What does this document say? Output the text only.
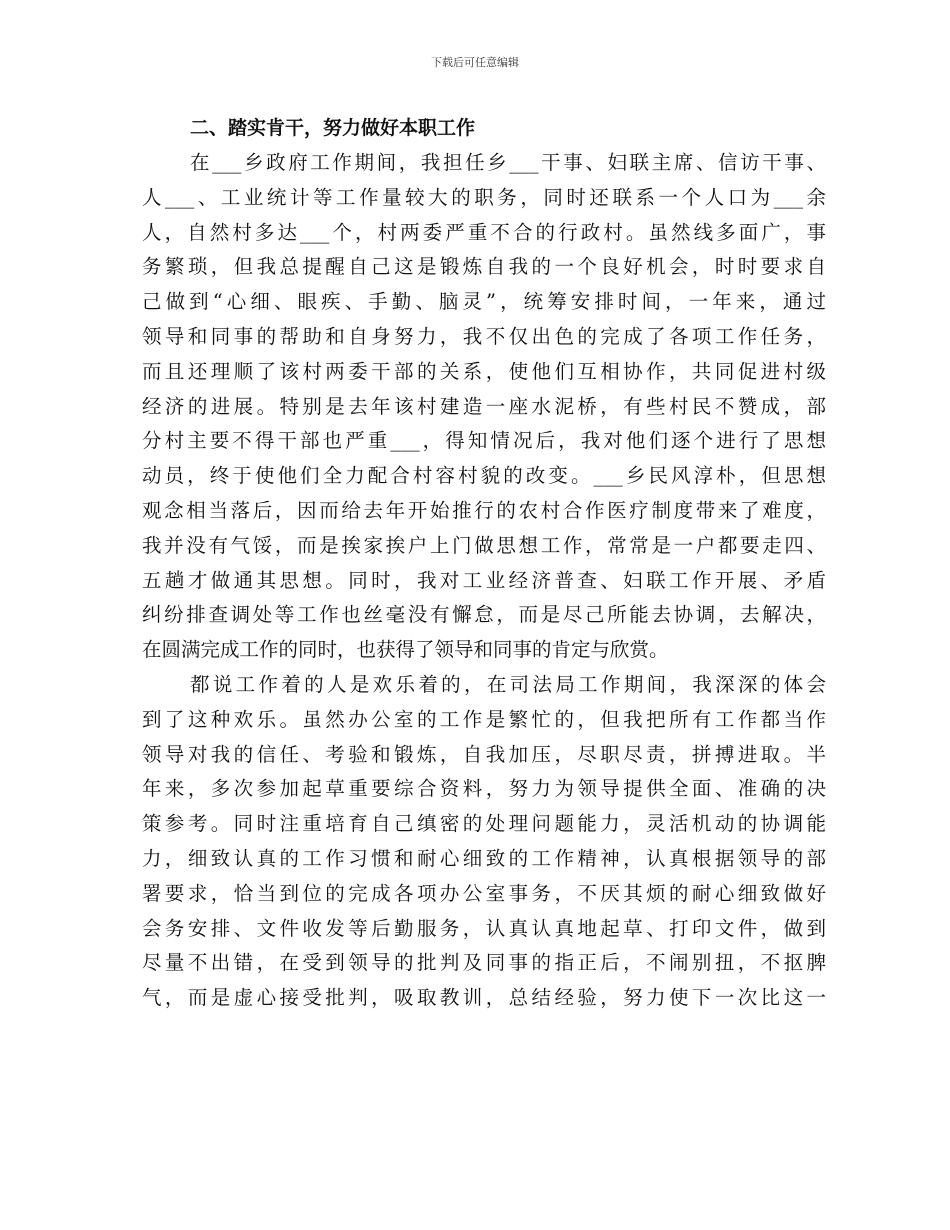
下载后可任意编辑
二、踏实肯干，努力做好本职工作
在___乡政府工作期间，我担任乡___干事、妇联主席、信访干事、
人___、工业统计等工作量较大的职务，同时还联系一个人口为___余
人，自然村多达___个，村两委严重不合的行政村。虽然线多面广，事
务繁琐，但我总提醒自己这是锻炼自我的一个良好机会，时时要求自
己做到“心细、眼疾、手勤、脑灵”，统筹安排时间，一年来，通过
领导和同事的帮助和自身努力，我不仅出色的完成了各项工作任务，
而且还理顺了该村两委干部的关系，使他们互相协作，共同促进村级
经济的进展。特别是去年该村建造一座水泥桥，有些村民不赞成，部
分村主要不得干部也严重___，得知情况后，我对他们逐个进行了思想
动员，终于使他们全力配合村容村貌的改变。___乡民风淳朴，但思想
观念相当落后，因而给去年开始推行的农村合作医疗制度带来了难度，
我并没有气馁，而是挨家挨户上门做思想工作，常常是一户都要走四、
五趟才做通其思想。同时，我对工业经济普查、妇联工作开展、矛盾
纠纷排查调处等工作也丝毫没有懈怠，而是尽己所能去协调，去解决，
在圆满完成工作的同时，也获得了领导和同事的肯定与欣赏。
都说工作着的人是欢乐着的，在司法局工作期间，我深深的体会
到了这种欢乐。虽然办公室的工作是繁忙的，但我把所有工作都当作
领导对我的信任、考验和锻炼，自我加压，尽职尽责，拼搏进取。半
年来，多次参加起草重要综合资料，努力为领导提供全面、准确的决
策参考。同时注重培育自己缜密的处理问题能力，灵活机动的协调能
力，细致认真的工作习惯和耐心细致的工作精神，认真根据领导的部
署要求，恰当到位的完成各项办公室事务，不厌其烦的耐心细致做好
会务安排、文件收发等后勤服务，认真认真地起草、打印文件，做到
尽量不出错，在受到领导的批判及同事的指正后，不闹别扭，不抠脾
气，而是虚心接受批判，吸取教训，总结经验，努力使下一次比这一
